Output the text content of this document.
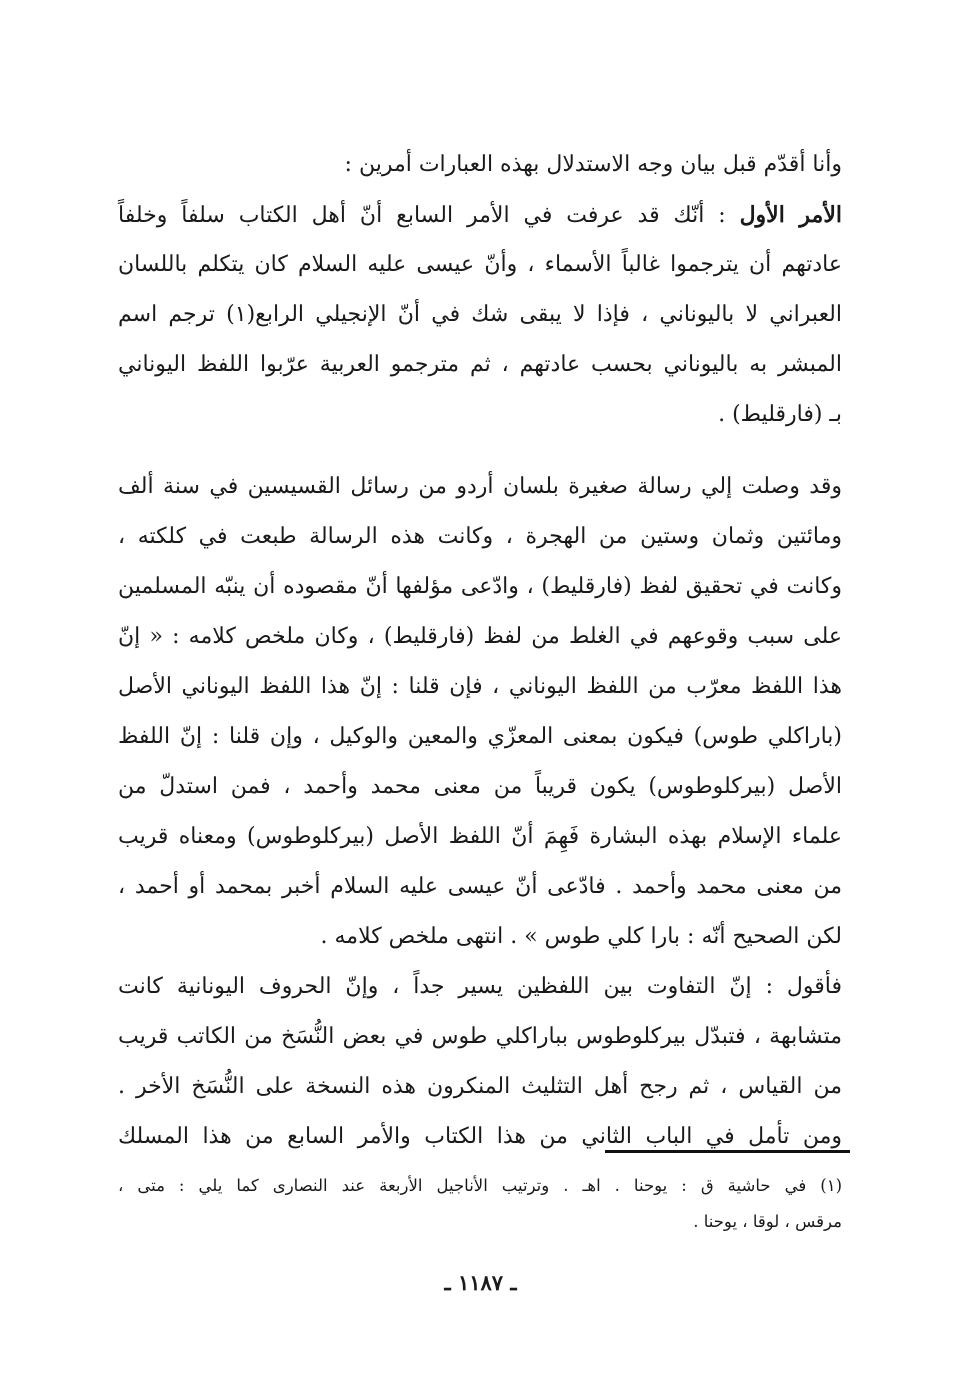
وأنا أقدّم قبل بيان وجه الاستدلال بهذه العبارات أمرين :
الأمر الأول : أنّك قد عرفت في الأمر السابع أنّ أهل الكتاب سلفاً وخلفاً
عادتهم أن يترجموا غالباً الأسماء ، وأنّ عيسى عليه السلام كان يتكلم باللسان
العبراني لا باليوناني ، فإذا لا يبقى شك في أنّ الإنجيلي الرابع(١) ترجم اسم
المبشر به باليوناني بحسب عادتهم ، ثم مترجمو العربية عرّبوا اللفظ اليوناني
بـ (فارقليط) .
وقد وصلت إلي رسالة صغيرة بلسان أردو من رسائل القسيسين في سنة ألف
ومائتين وثمان وستين من الهجرة ، وكانت هذه الرسالة طبعت في كلكته ،
وكانت في تحقيق لفظ (فارقليط) ، وادّعى مؤلفها أنّ مقصوده أن ينبّه المسلمين
على سبب وقوعهم في الغلط من لفظ (فارقليط) ، وكان ملخص كلامه : « إنّ
هذا اللفظ معرّب من اللفظ اليوناني ، فإن قلنا : إنّ هذا اللفظ اليوناني الأصل
(باراكلي طوس) فيكون بمعنى المعزّي والمعين والوكيل ، وإن قلنا : إنّ اللفظ
الأصل (بيركلوطوس) يكون قريباً من معنى محمد وأحمد ، فمن استدلّ من
علماء الإسلام بهذه البشارة فَهِمَ أنّ اللفظ الأصل (بيركلوطوس) ومعناه قريب
من معنى محمد وأحمد . فادّعى أنّ عيسى عليه السلام أخبر بمحمد أو أحمد ،
لكن الصحيح أنّه : بارا كلي طوس » . انتهى ملخص كلامه .
فأقول : إنّ التفاوت بين اللفظين يسير جداً ، وإنّ الحروف اليونانية كانت
متشابهة ، فتبدّل بيركلوطوس بباراكلي طوس في بعض النُّسَخ من الكاتب قريب
من القياس ، ثم رجح أهل التثليث المنكرون هذه النسخة على النُّسَخ الأخر .
ومن تأمل في الباب الثاني من هذا الكتاب والأمر السابع من هذا المسلك
(١) في حاشية ق : يوحنا . اهـ . وترتيب الأناجيل الأربعة عند النصارى كما يلي : متى ،
مرقس ، لوقا ، يوحنا .
ـ ١١٨٧ ـ
